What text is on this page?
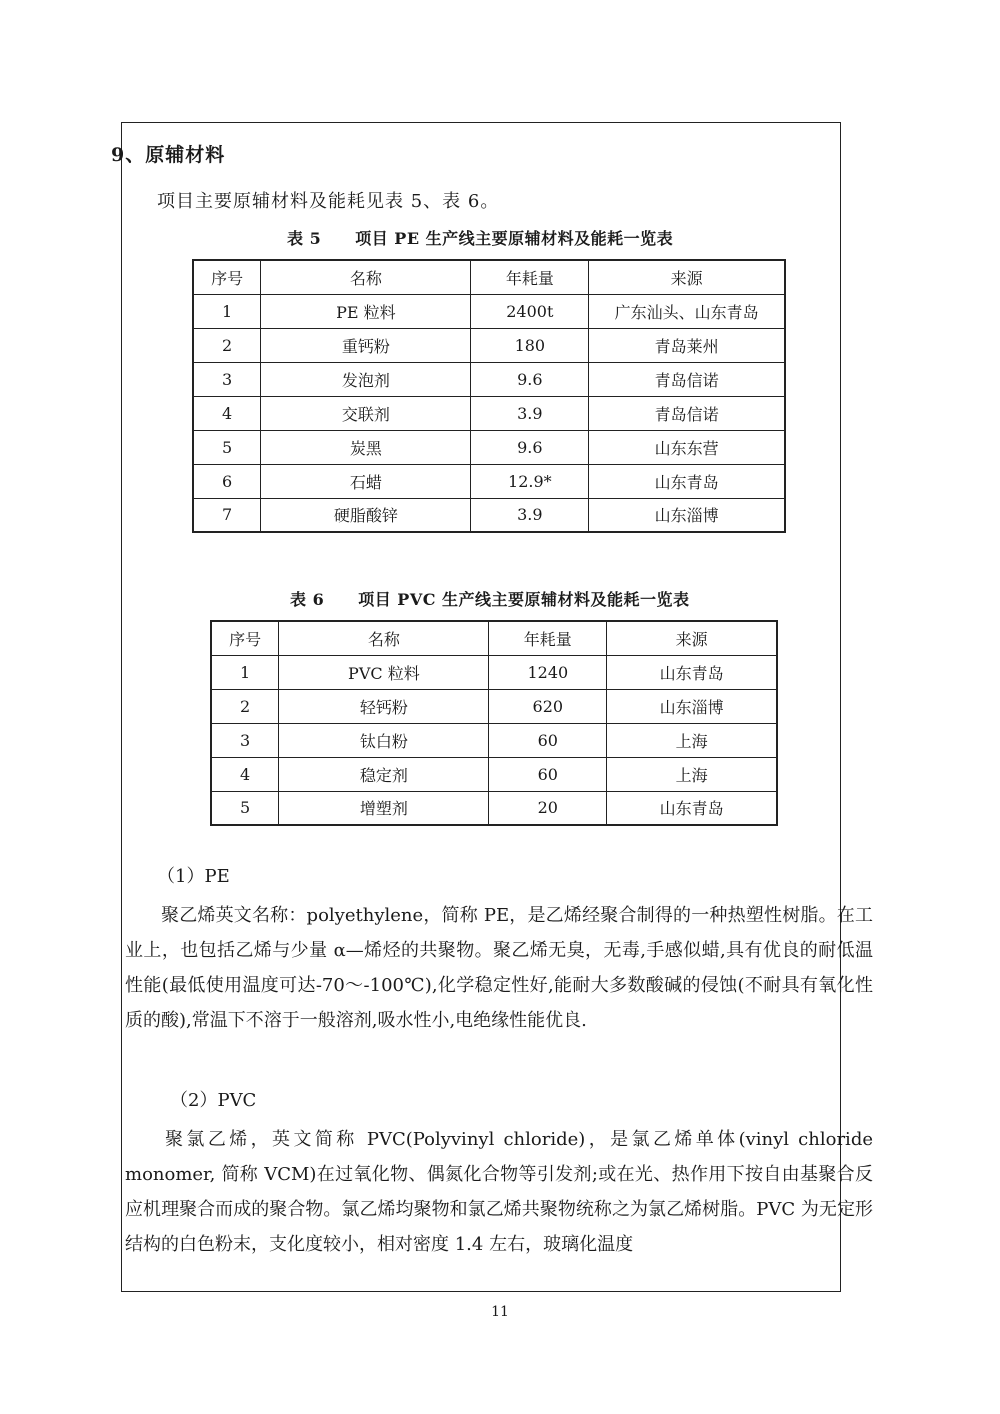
9、原辅材料
项目主要原辅材料及能耗见表 5、表 6。
表 5 项目 PE 生产线主要原辅材料及能耗一览表
序号	名称	年耗量	来源
1	PE 粒料	2400t	广东汕头、山东青岛
2	重钙粉	180	青岛莱州
3	发泡剂	9.6	青岛信诺
4	交联剂	3.9	青岛信诺
5	炭黑	9.6	山东东营
6	石蜡	12.9*	山东青岛
7	硬脂酸锌	3.9	山东淄博
表 6 项目 PVC 生产线主要原辅材料及能耗一览表
序号	名称	年耗量	来源
1	PVC 粒料	1240	山东青岛
2	轻钙粉	620	山东淄博
3	钛白粉	60	上海
4	稳定剂	60	上海
5	增塑剂	20	山东青岛
（1）PE
聚乙烯英文名称：polyethylene，简称 PE，是乙烯经聚合制得的一种热塑性树脂。在工业上，也包括乙烯与少量 α—烯烃的共聚物。聚乙烯无臭，无毒,手感似蜡,具有优良的耐低温性能(最低使用温度可达-70～-100℃),化学稳定性好,能耐大多数酸碱的侵蚀(不耐具有氧化性质的酸),常温下不溶于一般溶剂,吸水性小,电绝缘性能优良.
（2）PVC
聚氯乙烯，英文简称 PVC(Polyvinyl chloride)，是氯乙烯单体(vinyl chloride monomer, 简称 VCM)在过氧化物、偶氮化合物等引发剂;或在光、热作用下按自由基聚合反应机理聚合而成的聚合物。氯乙烯均聚物和氯乙烯共聚物统称之为氯乙烯树脂。PVC 为无定形结构的白色粉末，支化度较小，相对密度 1.4 左右，玻璃化温度
11
